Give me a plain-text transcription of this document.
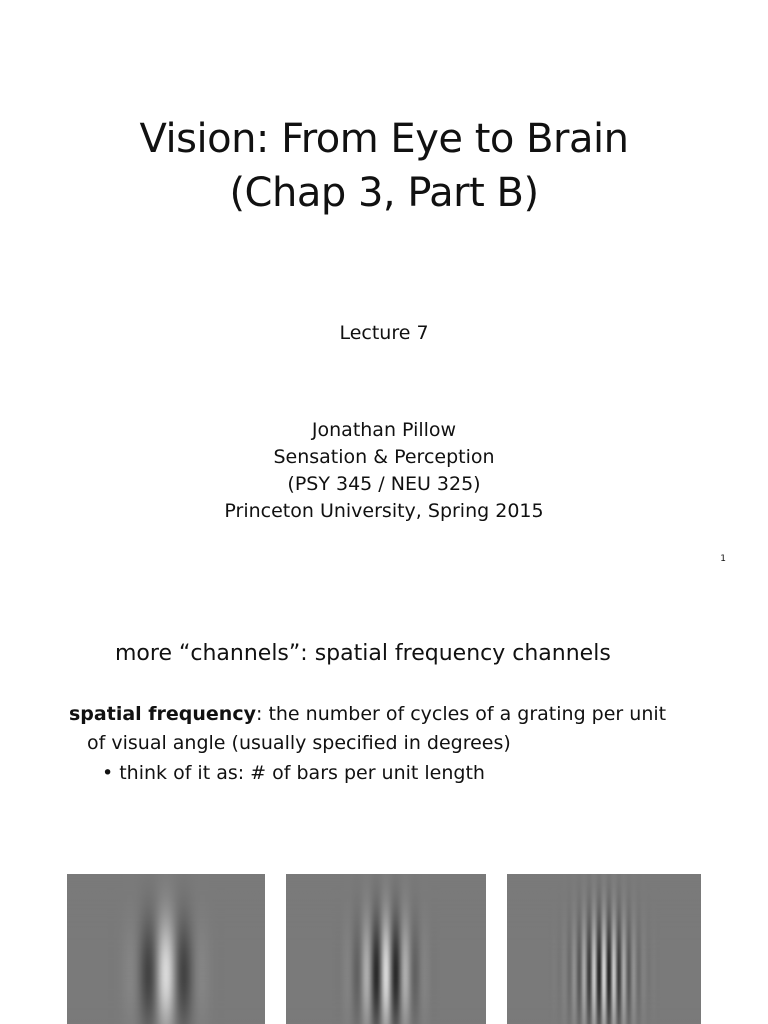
Vision: From Eye to Brain
(Chap 3, Part B)
Lecture 7
Jonathan Pillow
Sensation & Perception
(PSY 345 / NEU 325)
Princeton University, Spring 2015
1
more “channels”: spatial frequency channels
spatial frequency: the number of cycles of a grating per unit
of visual angle (usually specified in degrees)
• think of it as: # of bars per unit length
